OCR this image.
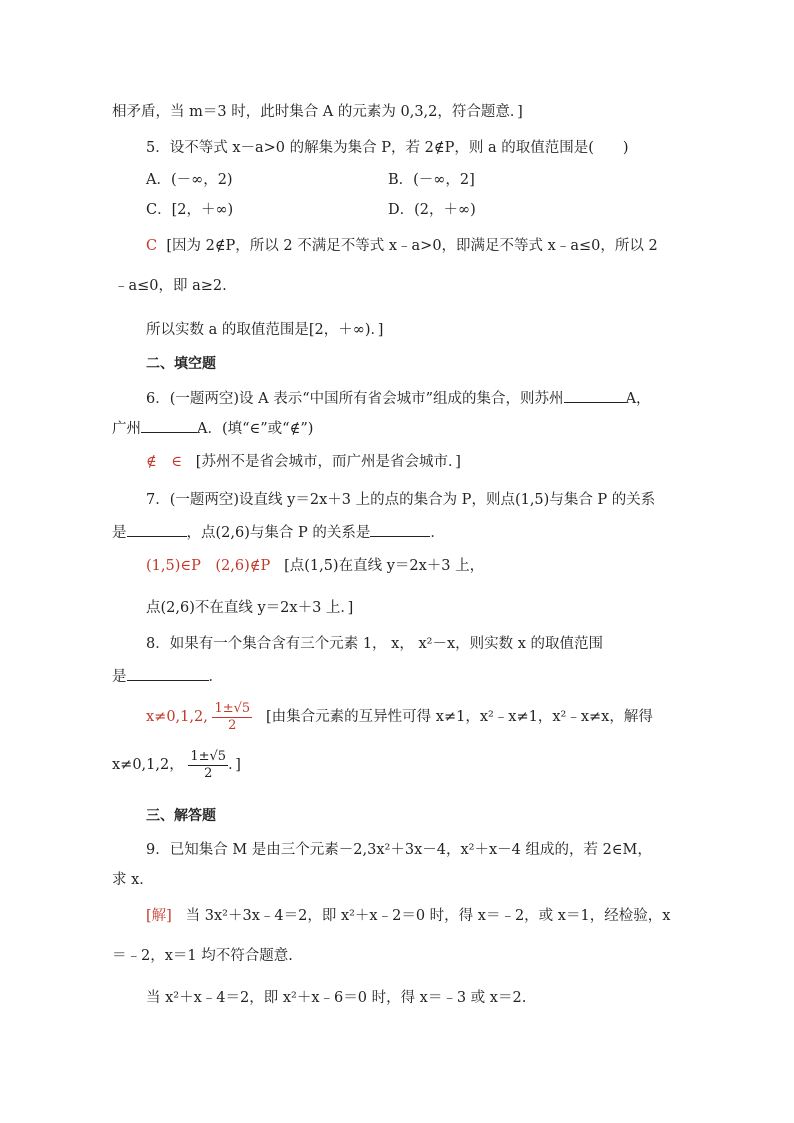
相矛盾，当 m＝3 时，此时集合 A 的元素为 0,3,2，符合题意．]
5．设不等式 x－a>0 的解集为集合 P，若 2∉P，则 a 的取值范围是(　　)
A．(－∞，2)	B．(－∞，2]
C．[2，＋∞)	D．(2，＋∞)
C [因为 2∉P，所以 2 不满足不等式 x﹣a>0，即满足不等式 x﹣a≤0，所以 2
﹣a≤0，即 a≥2.
所以实数 a 的取值范围是[2，＋∞)．]
二、填空题
6．(一题两空)设 A 表示“中国所有省会城市”组成的集合，则苏州	A，
广州	A．(填“∈”或“∉”)
∉　∈ [苏州不是省会城市，而广州是省会城市．]
7．(一题两空)设直线 y＝2x＋3 上的点的集合为 P，则点(1,5)与集合 P 的关系
是	，点(2,6)与集合 P 的关系是	．
(1,5)∈P　(2,6)∉P [点(1,5)在直线 y＝2x＋3 上，
点(2,6)不在直线 y＝2x＋3 上．]
8．如果有一个集合含有三个元素 1， x， x²－x，则实数 x 的取值范围
是	．
x≠0,1,2, $\frac{1\pm√5}{2}$ [由集合元素的互异性可得 x≠1，x²﹣x≠1，x²﹣x≠x，解得
x≠0,1,2， $\frac{1\pm√5}{2}$ ．]
三、解答题
9．已知集合 M 是由三个元素－2,3x²＋3x－4，x²＋x－4 组成的，若 2∈M，
求 x．
[解] 当 3x²＋3x﹣4＝2，即 x²＋x﹣2＝0 时，得 x＝﹣2，或 x＝1，经检验，x
＝﹣2，x＝1 均不符合题意.
当 x²＋x﹣4＝2，即 x²＋x﹣6＝0 时，得 x＝﹣3 或 x＝2.
